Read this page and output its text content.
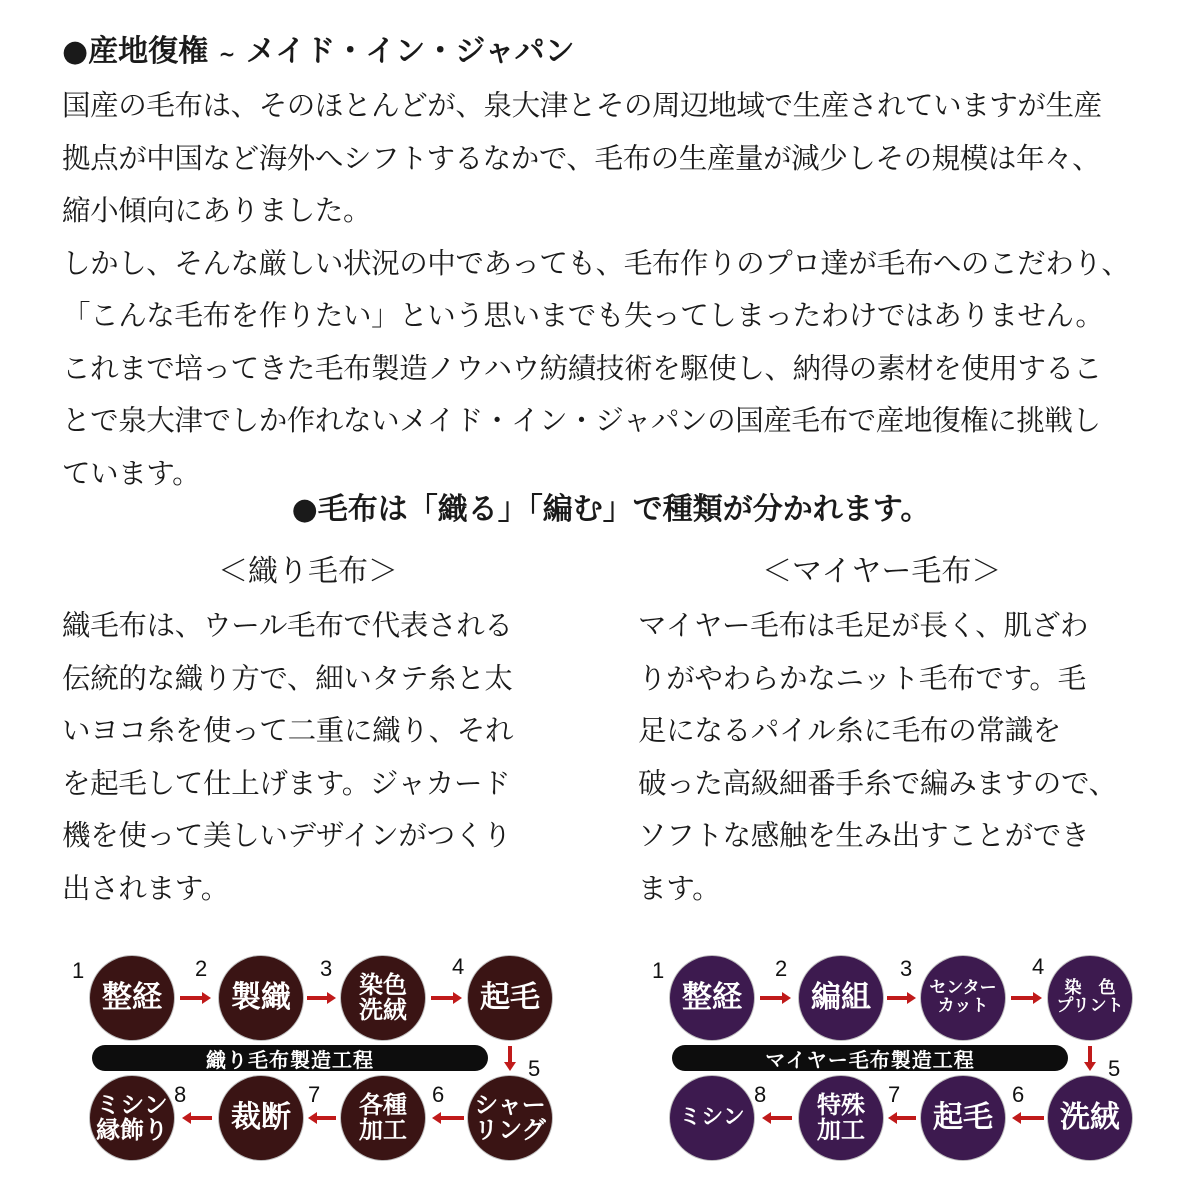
●産地復権 ~ メイド・イン・ジャパン
国産の毛布は、そのほとんどが、泉大津とその周辺地域で生産されていますが生産
拠点が中国など海外へシフトするなかで、毛布の生産量が減少しその規模は年々、
縮小傾向にありました。
しかし、そんな厳しい状況の中であっても、毛布作りのプロ達が毛布へのこだわり、
「こんな毛布を作りたい」という思いまでも失ってしまったわけではありません。
これまで培ってきた毛布製造ノウハウ紡績技術を駆使し、納得の素材を使用するこ
とで泉大津でしか作れないメイド・イン・ジャパンの国産毛布で産地復権に挑戦し
ています。
●毛布は「織る」「編む」で種類が分かれます。
＜織り毛布＞	＜マイヤー毛布＞
織毛布は、ウール毛布で代表される
伝統的な織り方で、細いタテ糸と太
いヨコ糸を使って二重に織り、それ
を起毛して仕上げます。ジャカード
機を使って美しいデザインがつくり
出されます。
マイヤー毛布は毛足が長く、肌ざわ
りがやわらかなニット毛布です。毛
足になるパイル糸に毛布の常識を
破った高級細番手糸で編みますので、
ソフトな感触を生み出すことができ
ます。
整経
1
製織
2
染色
洗絨
3
起毛
4
シャー
リング
5
各種
加工
6
裁断
7
ミシン
縁飾り
8
織り毛布製造工程
整経
1
編組
2
センター
カット
3
染　色
プリント
4
洗絨
5
起毛
6
特殊
加工
7
ミシン
8
マイヤー毛布製造工程
